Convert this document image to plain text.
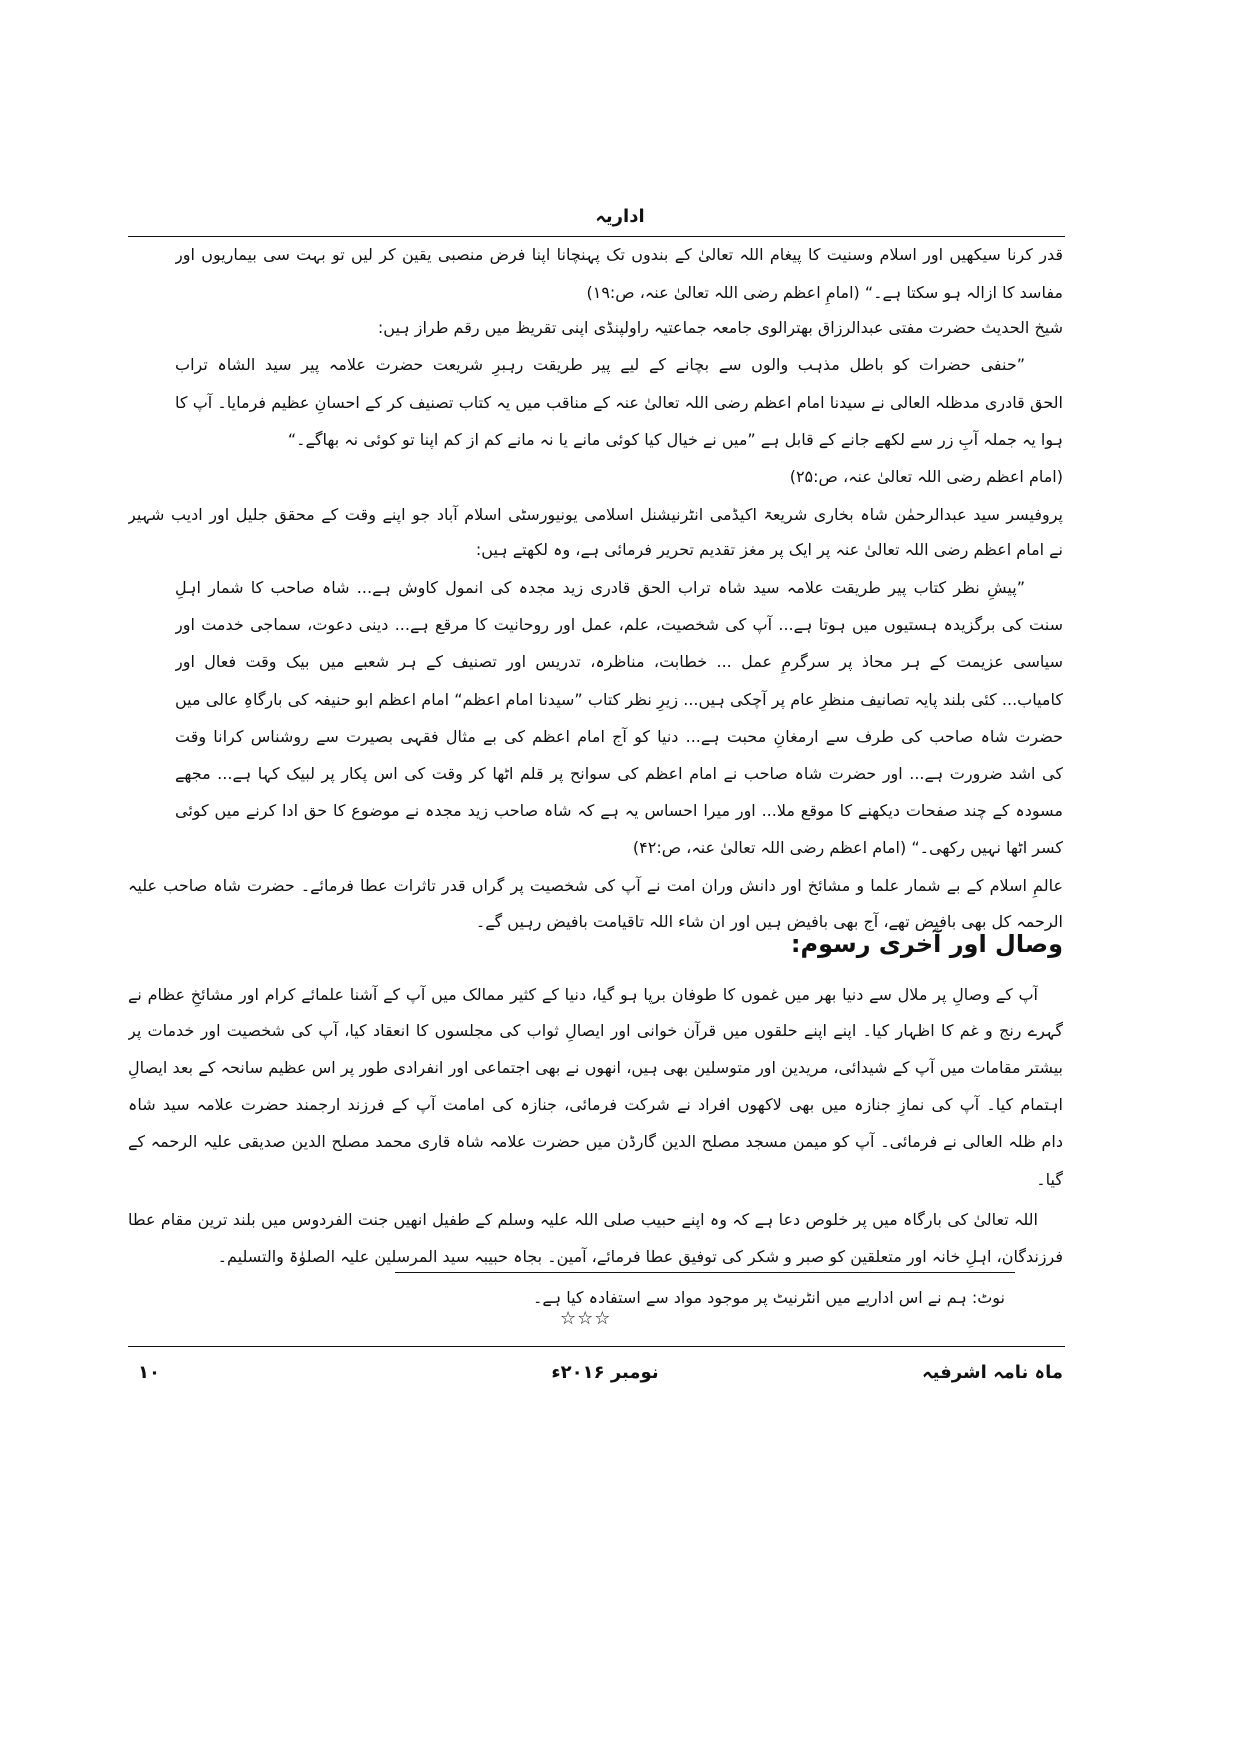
اداریہ
قدر کرنا سیکھیں اور اسلام وسنیت کا پیغام اللہ تعالیٰ کے بندوں تک پہنچانا اپنا فرض منصبی یقین کر لیں تو بہت سی بیماریوں اور
مفاسد کا ازالہ ہو سکتا ہے۔“ (امامِ اعظم رضی اللہ تعالیٰ عنہ، ص:۱۹)
شیخ الحدیث حضرت مفتی عبدالرزاق بھترالوی جامعہ جماعتیہ راولپنڈی اپنی تقریظ میں رقم طراز ہیں:
”حنفی حضرات کو باطل مذہب والوں سے بچانے کے لیے پیر طریقت رہبرِ شریعت حضرت علامہ پیر سید الشاہ تراب
الحق قادری مدظلہ العالی نے سیدنا امام اعظم رضی اللہ تعالیٰ عنہ کے مناقب میں یہ کتاب تصنیف کر کے احسانِ عظیم فرمایا۔ آپ کا
ہوا یہ جملہ آبِ زر سے لکھے جانے کے قابل ہے ”میں نے خیال کیا کوئی مانے یا نہ مانے کم از کم اپنا تو کوئی نہ بھاگے۔“
(امام اعظم رضی اللہ تعالیٰ عنہ، ص:۲۵)
پروفیسر سید عبدالرحمٰن شاہ بخاری شریعۃ اکیڈمی انٹرنیشنل اسلامی یونیورسٹی اسلام آباد جو اپنے وقت کے محقق جلیل اور ادیب شہیر
نے امام اعظم رضی اللہ تعالیٰ عنہ پر ایک پر مغز تقدیم تحریر فرمائی ہے، وہ لکھتے ہیں:
”پیشِ نظر کتاب پیر طریقت علامہ سید شاہ تراب الحق قادری زید مجدہ کی انمول کاوش ہے... شاہ صاحب کا شمار اہلِ
سنت کی برگزیدہ ہستیوں میں ہوتا ہے... آپ کی شخصیت، علم، عمل اور روحانیت کا مرقع ہے... دینی دعوت، سماجی خدمت اور
سیاسی عزیمت کے ہر محاذ پر سرگرمِ عمل ... خطابت، مناظرہ، تدریس اور تصنیف کے ہر شعبے میں بیک وقت فعال اور
کامیاب... کئی بلند پایہ تصانیف منظرِ عام پر آچکی ہیں... زیرِ نظر کتاب ”سیدنا امام اعظم“ امام اعظم ابو حنیفہ کی بارگاہِ عالی میں
حضرت شاہ صاحب کی طرف سے ارمغانِ محبت ہے... دنیا کو آج امام اعظم کی بے مثال فقہی بصیرت سے روشناس کرانا وقت
کی اشد ضرورت ہے... اور حضرت شاہ صاحب نے امام اعظم کی سوانح پر قلم اٹھا کر وقت کی اس پکار پر لبیک کہا ہے... مجھے
مسودہ کے چند صفحات دیکھنے کا موقع ملا... اور میرا احساس یہ ہے کہ شاہ صاحب زید مجدہ نے موضوع کا حق ادا کرنے میں کوئی
کسر اٹھا نہیں رکھی۔“ (امام اعظم رضی اللہ تعالیٰ عنہ، ص:۴۲)
عالمِ اسلام کے بے شمار علما و مشائخ اور دانش وران امت نے آپ کی شخصیت پر گراں قدر تاثرات عطا فرمائے۔ حضرت شاہ صاحب علیہ
الرحمہ کل بھی بافیض تھے، آج بھی بافیض ہیں اور ان شاء اللہ تاقیامت بافیض رہیں گے۔
وصال اور آخری رسوم:
آپ کے وصالِ پر ملال سے دنیا بھر میں غموں کا طوفان برپا ہو گیا، دنیا کے کثیر ممالک میں آپ کے آشنا علمائے کرام اور مشائخِ عظام نے
گہرے رنج و غم کا اظہار کیا۔ اپنے اپنے حلقوں میں قرآن خوانی اور ایصالِ ثواب کی مجلسوں کا انعقاد کیا، آپ کی شخصیت اور خدمات پر
بیشتر مقامات میں آپ کے شیدائی، مریدین اور متوسلین بھی ہیں، انھوں نے بھی اجتماعی اور انفرادی طور پر اس عظیم سانحہ کے بعد ایصالِ
اہتمام کیا۔ آپ کی نمازِ جنازہ میں بھی لاکھوں افراد نے شرکت فرمائی، جنازہ کی امامت آپ کے فرزند ارجمند حضرت علامہ سید شاہ
دام ظلہ العالی نے فرمائی۔ آپ کو میمن مسجد مصلح الدین گارڈن میں حضرت علامہ شاہ قاری محمد مصلح الدین صدیقی علیہ الرحمہ کے
گیا۔
اللہ تعالیٰ کی بارگاہ میں پر خلوص دعا ہے کہ وہ اپنے حبیب صلی اللہ علیہ وسلم کے طفیل انھیں جنت الفردوس میں بلند ترین مقام عطا
فرزندگان، اہلِ خانہ اور متعلقین کو صبر و شکر کی توفیق عطا فرمائے، آمین۔ بجاہ حبیبہ سید المرسلین علیہ الصلوٰۃ والتسلیم۔
نوٹ: ہم نے اس اداریے میں انٹرنیٹ پر موجود مواد سے استفادہ کیا ہے۔
☆☆☆
۱۰	نومبر ۲۰۱۶ء	ماہ نامہ اشرفیہ
